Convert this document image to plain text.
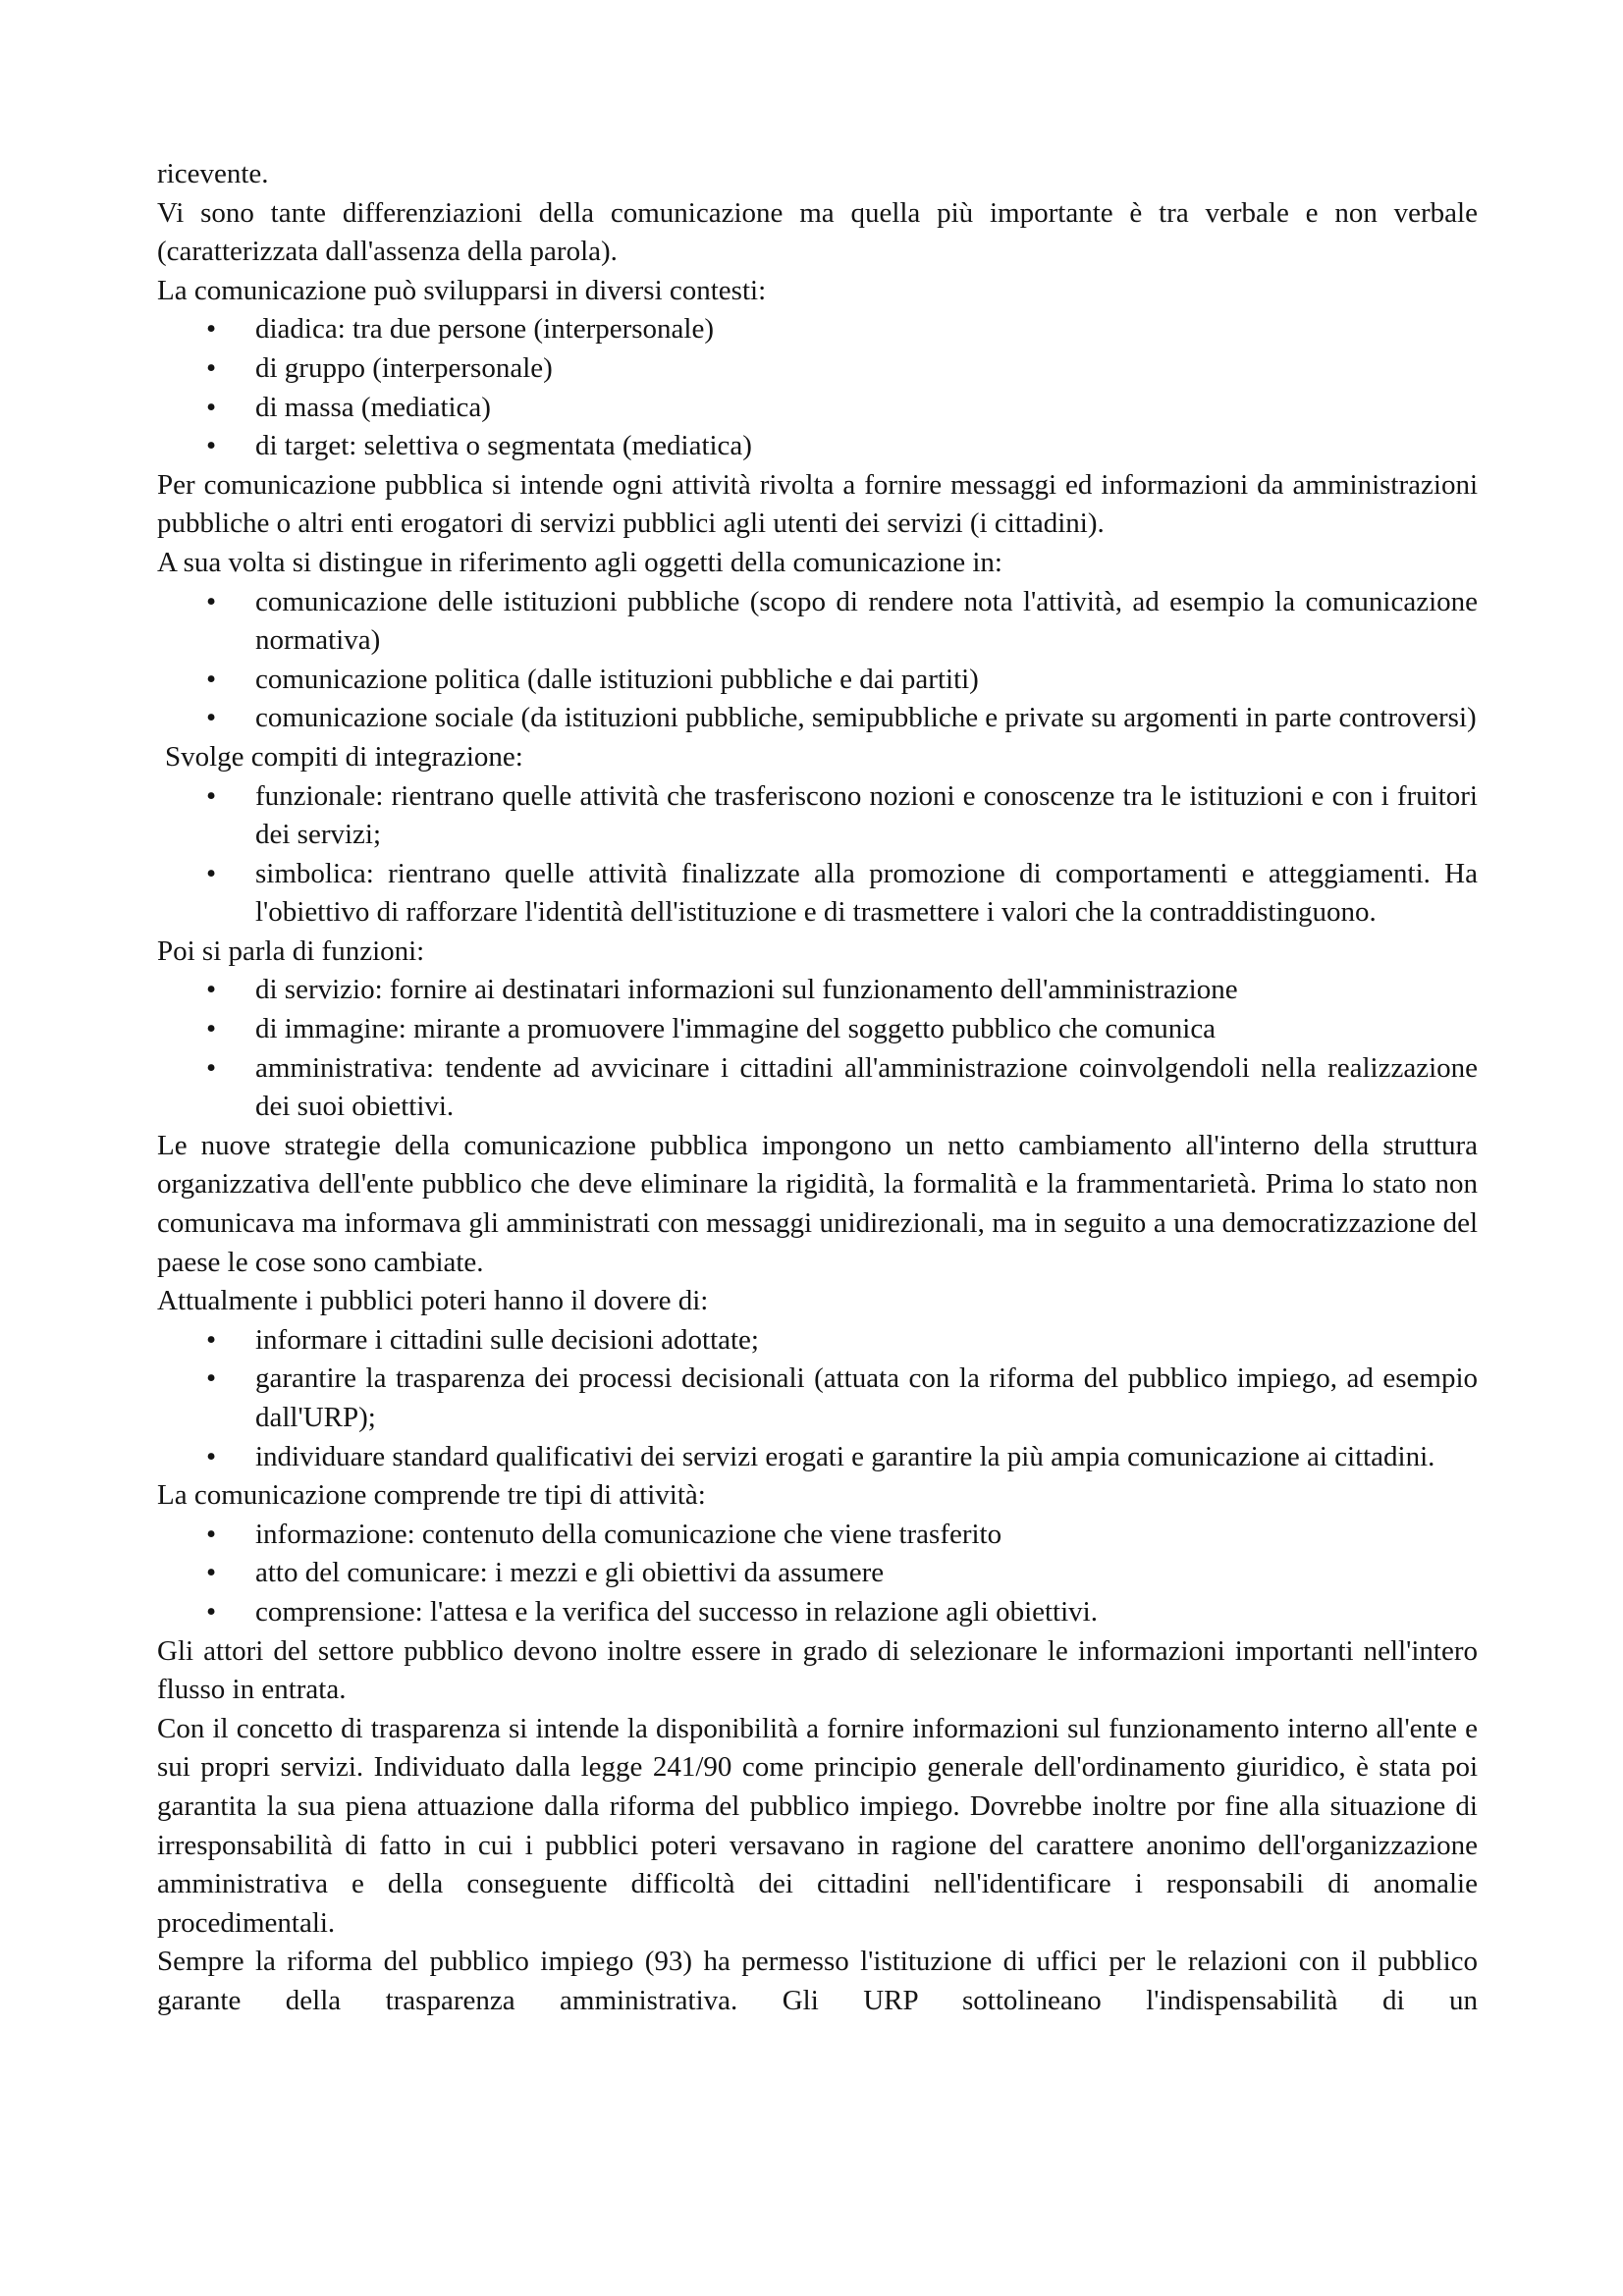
ricevente.

Vi sono tante differenziazioni della comunicazione ma quella più importante è tra verbale e non verbale (caratterizzata dall'assenza della parola).

La comunicazione può svilupparsi in diversi contesti:

•	diadica: tra due persone (interpersonale)
•	di gruppo (interpersonale)
•	di massa (mediatica)
•	di target: selettiva o segmentata (mediatica)

Per comunicazione pubblica si intende ogni attività rivolta a fornire messaggi ed informazioni da amministrazioni pubbliche o altri enti erogatori di servizi pubblici agli utenti dei servizi (i cittadini).

A sua volta si distingue in riferimento agli oggetti della comunicazione in:

•	comunicazione delle istituzioni pubbliche (scopo di rendere nota l'attività, ad esempio la comunicazione normativa)
•	comunicazione politica (dalle istituzioni pubbliche e dai partiti)
•	comunicazione sociale (da istituzioni pubbliche, semipubbliche e private su argomenti in parte controversi)

Svolge compiti di integrazione:

•	funzionale: rientrano quelle attività che trasferiscono nozioni e conoscenze tra le istituzioni e con i fruitori dei servizi;
•	simbolica: rientrano quelle attività finalizzate alla promozione di comportamenti e atteggiamenti. Ha l'obiettivo di rafforzare l'identità dell'istituzione e di trasmettere i valori che la contraddistinguono.

Poi si parla di funzioni:

•	di servizio: fornire ai destinatari informazioni sul funzionamento dell'amministrazione
•	di immagine: mirante a promuovere l'immagine del soggetto pubblico che comunica
•	amministrativa: tendente ad avvicinare i cittadini all'amministrazione coinvolgendoli nella realizzazione dei suoi obiettivi.

Le nuove strategie della comunicazione pubblica impongono un netto cambiamento all'interno della struttura organizzativa dell'ente pubblico che deve eliminare la rigidità, la formalità e la frammentarietà. Prima lo stato non comunicava ma informava gli amministrati con messaggi unidirezionali, ma in seguito a una democratizzazione del paese le cose sono cambiate.

Attualmente i pubblici poteri hanno il dovere di:

•	informare i cittadini sulle decisioni adottate;
•	garantire la trasparenza dei processi decisionali (attuata con la riforma del pubblico impiego, ad esempio dall'URP);
•	individuare standard qualificativi dei servizi erogati e garantire la più ampia comunicazione ai cittadini.

La comunicazione comprende tre tipi di attività:

•	informazione: contenuto della comunicazione che viene trasferito
•	atto del comunicare: i mezzi e gli obiettivi da assumere
•	comprensione: l'attesa e la verifica del successo in relazione agli obiettivi.

Gli attori del settore pubblico devono inoltre essere in grado di selezionare le informazioni importanti nell'intero flusso in entrata.

Con il concetto di trasparenza si intende la disponibilità a fornire informazioni sul funzionamento interno all'ente e sui propri servizi. Individuato dalla legge 241/90 come principio generale dell'ordinamento giuridico, è stata poi garantita la sua piena attuazione dalla riforma del pubblico impiego. Dovrebbe inoltre por fine alla situazione di irresponsabilità di fatto in cui i pubblici poteri versavano in ragione del carattere anonimo dell'organizzazione amministrativa e della conseguente difficoltà dei cittadini nell'identificare i responsabili di anomalie procedimentali.

Sempre la riforma del pubblico impiego (93) ha permesso l'istituzione di uffici per le relazioni con il pubblico garante della trasparenza amministrativa. Gli URP sottolineano l'indispensabilità di un
